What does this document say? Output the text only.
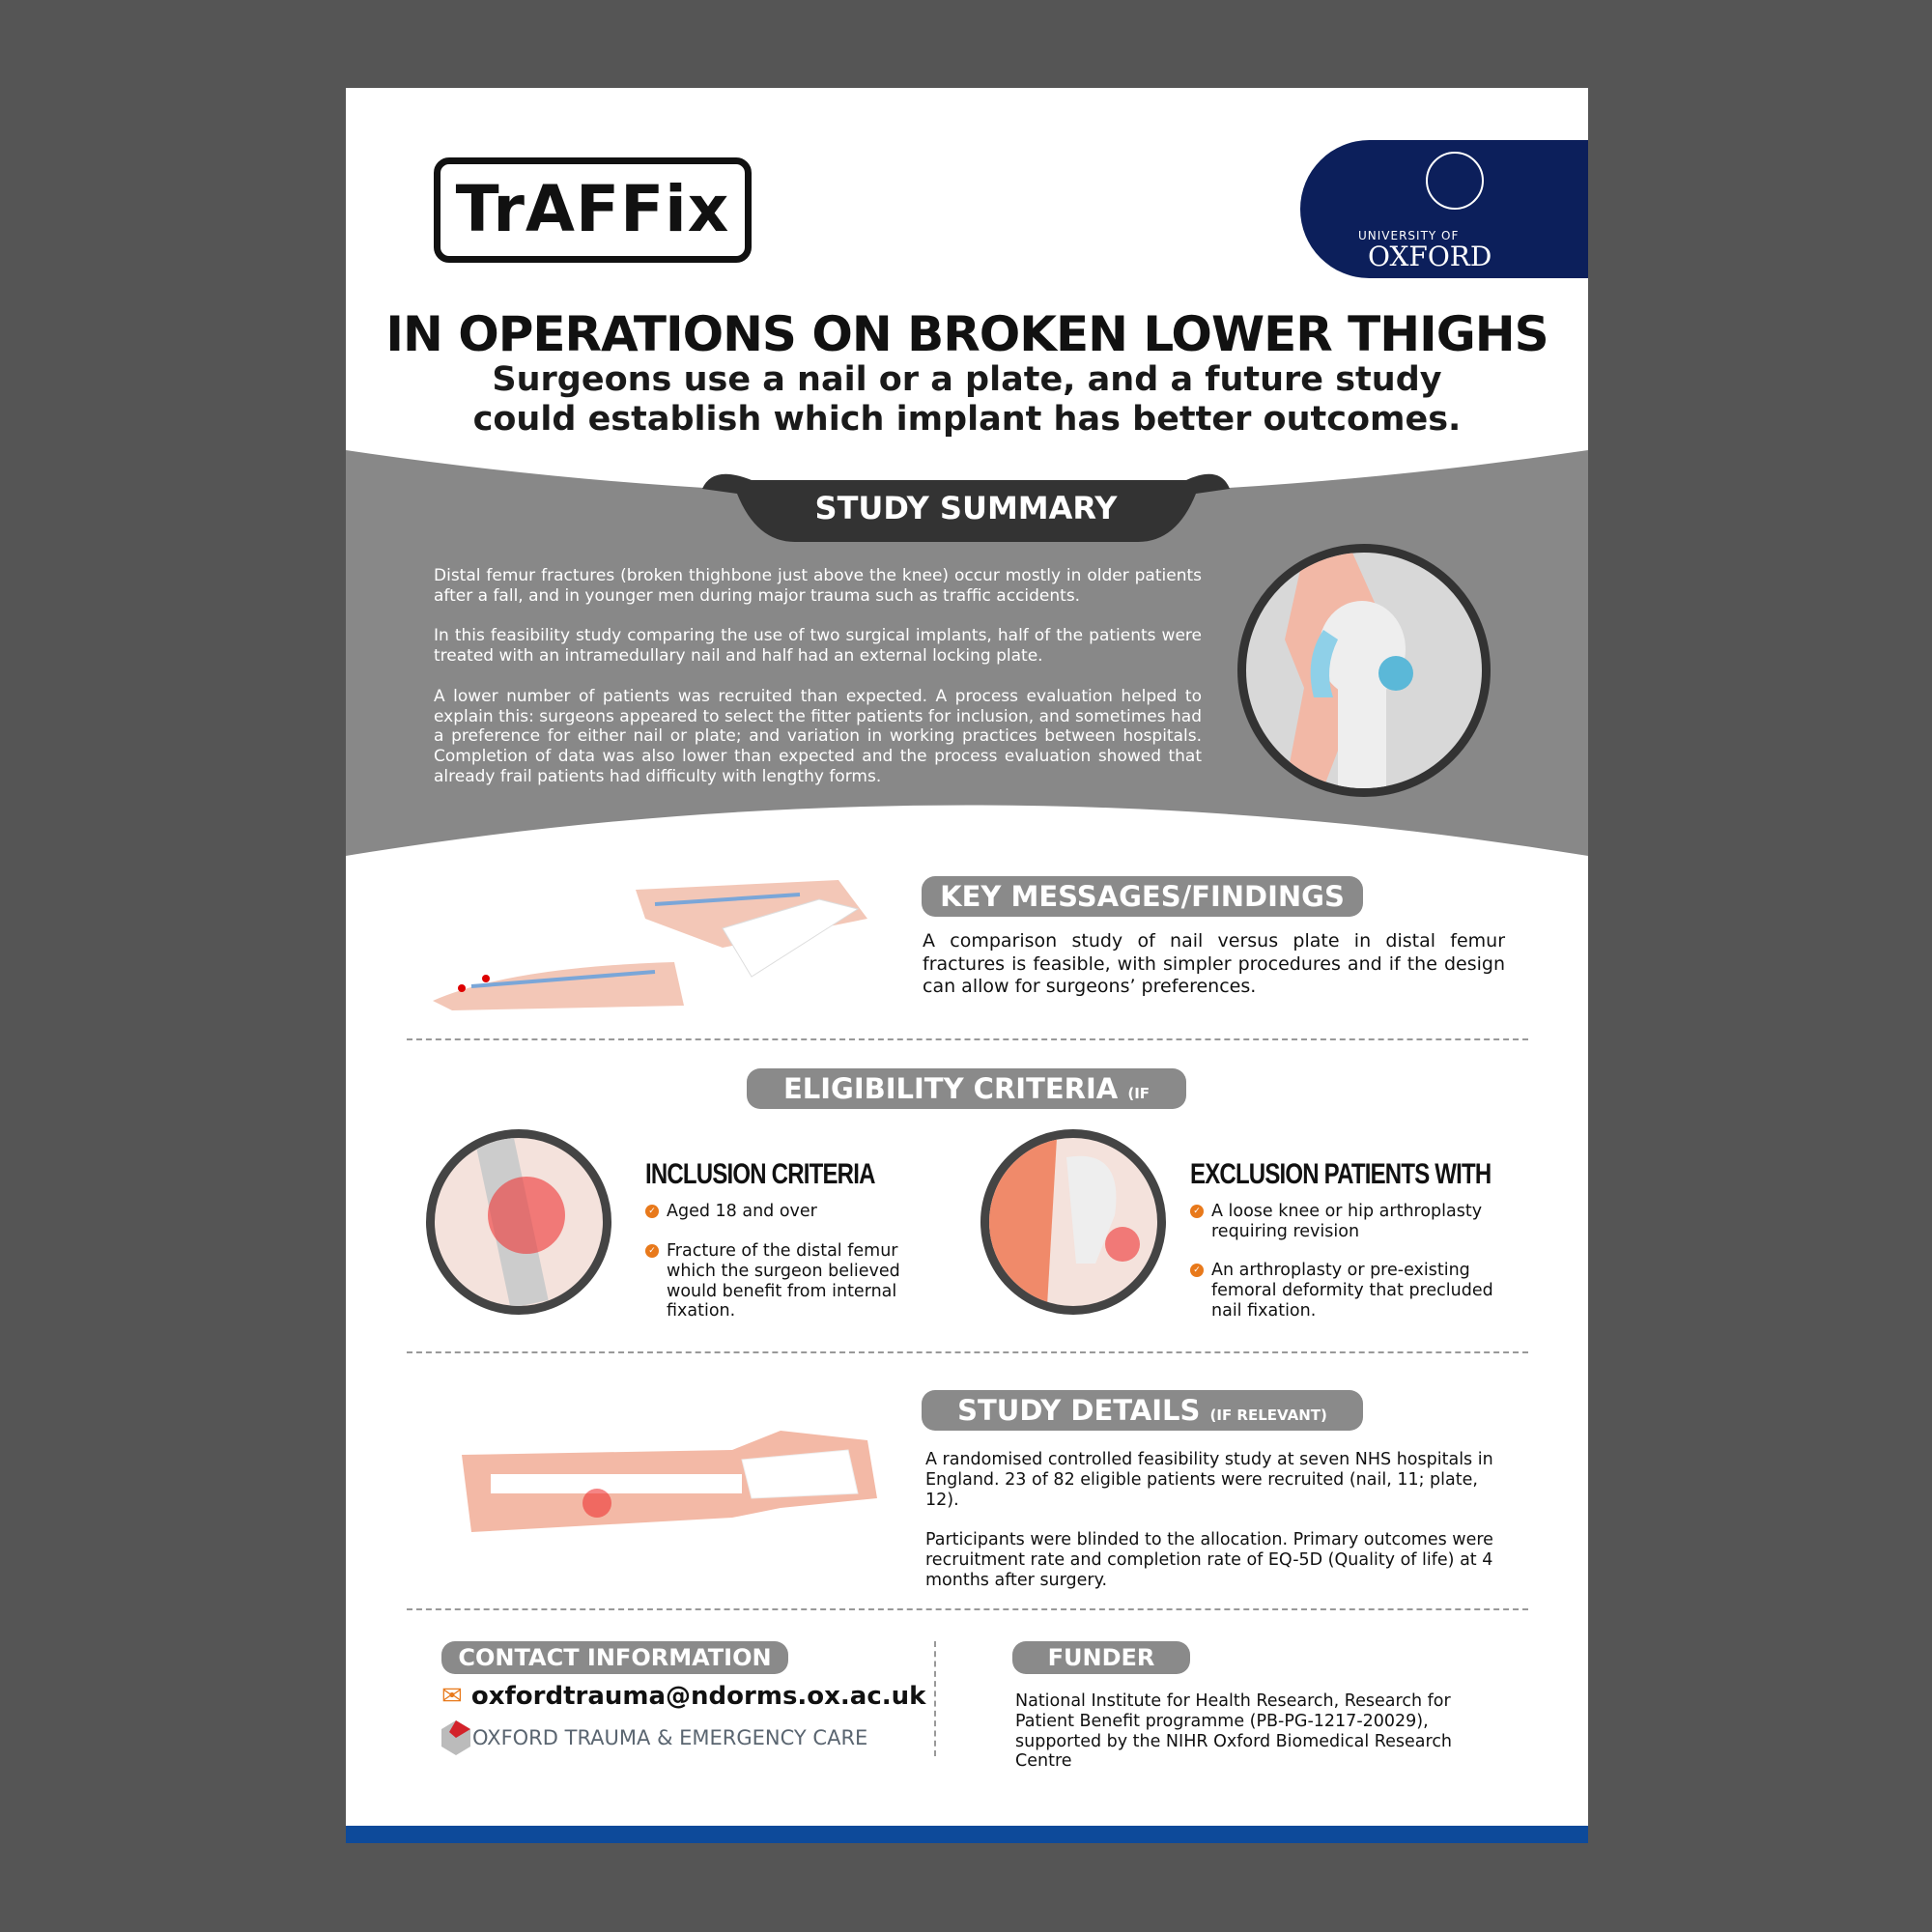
TrAFFix	UNIVERSITY OF
OXFORD
IN OPERATIONS ON BROKEN LOWER THIGHS
Surgeons use a nail or a plate, and a future study
could establish which implant has better outcomes.
STUDY SUMMARY

Distal femur fractures (broken thighbone just above the knee) occur mostly in older patients after a fall, and in younger men during major trauma such as traffic accidents.

In this feasibility study comparing the use of two surgical implants, half of the patients were treated with an intramedullary nail and half had an external locking plate.

A lower number of patients was recruited than expected. A process evaluation helped to explain this: surgeons appeared to select the fitter patients for inclusion, and sometimes had a preference for either nail or plate; and variation in working practices between hospitals. Completion of data was also lower than expected and the process evaluation showed that already frail patients had difficulty with lengthy forms.

KEY MESSAGES/FINDINGS
A comparison study of nail versus plate in distal femur fractures is feasible, with simpler procedures and if the design can allow for surgeons’ preferences.
ELIGIBILITY CRITERIA (IF RELEVANT)
INCLUSION CRITERIA
✓ Aged 18 and over
✓ Fracture of the distal femur which the surgeon believed would benefit from internal fixation.
EXCLUSION PATIENTS WITH
✓ A loose knee or hip arthroplasty requiring revision
✓ An arthroplasty or pre-existing femoral deformity that precluded nail fixation.
STUDY DETAILS (IF RELEVANT)

A randomised controlled feasibility study at seven NHS hospitals in England. 23 of 82 eligible patients were recruited (nail, 11; plate, 12).

Participants were blinded to the allocation. Primary outcomes were recruitment rate and completion rate of EQ-5D (Quality of life) at 4 months after surgery.

CONTACT INFORMATION
✉ oxfordtrauma@ndorms.ox.ac.uk
OXFORD TRAUMA & EMERGENCY CARE
FUNDER
National Institute for Health Research, Research for Patient Benefit programme (PB-PG-1217-20029), supported by the NIHR Oxford Biomedical Research Centre
